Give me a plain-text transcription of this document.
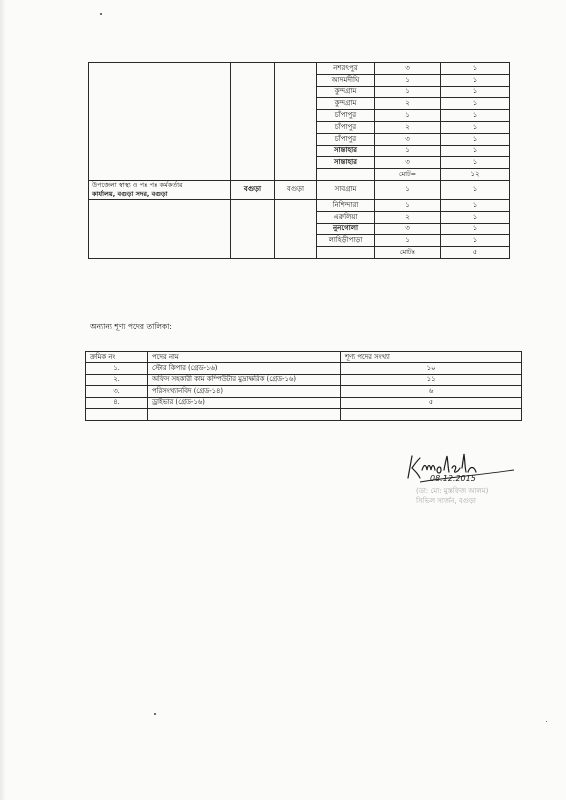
			নশরৎপুর	৩	১
			আদমদীঘি	১	১
			কুন্দগ্রাম	১	১
			কুন্দগ্রাম	২	১
			চাঁপাপুর	১	১
			চাঁপাপুর	২	১
			চাঁপাপুর	৩	১
			সান্তাহার	১	১
			সান্তাহার	৩	১
				মোট=	১২
উপজেলা স্বাস্থ্য ও পঃ পঃ কর্মকর্তার
কার্যালয়, বগুড়া সদর, বগুড়া	বগুড়া	বগুড়া	সাবগ্রাম	১	১
			নিশিন্দারা	১	১
			এরুলিয়া	২	১
			নুনগোলা	৩	১
			লাহিড়ীপাড়া	১	১
				মোটঃ	৫
অন্যান্য শূণ্য পদের তালিকা:
ক্রমিক নং	পদের নাম	শূণ্য পদের সংখ্যা
১.	স্টোর কিপার (গ্রেড-১৬)	১০
২.	অফিস সহকারী কাম কম্পিউটার মুদ্রাক্ষরিক (গ্রেড-১৬)	১১
৩.	পরিসংখ্যানবিদ (গ্রেড-১৪)	৬
৪.	ড্রাইভার (গ্রেড-১৬)	৫

08.12.2015
(ডা: মো: মুস্তফিজ আলম)
সিভিল সার্জন, বগুড়া
